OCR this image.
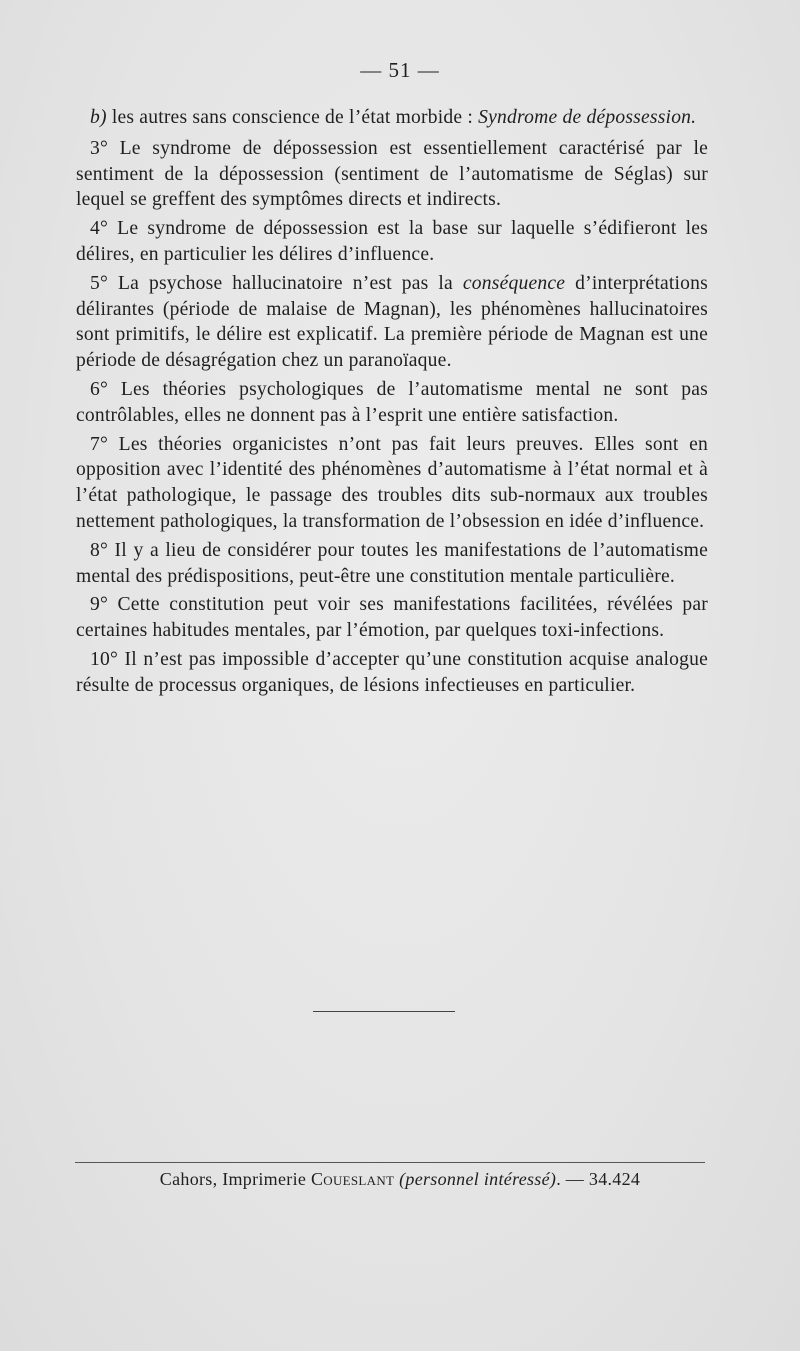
— 51 —

b) les autres sans conscience de l’état morbide : Syndrome de dépossession.

3° Le syndrome de dépossession est essentiellement caractérisé par le sentiment de la dépossession (sentiment de l’automatisme de Séglas) sur lequel se greffent des symptômes directs et indirects.

4° Le syndrome de dépossession est la base sur laquelle s’édifieront les délires, en particulier les délires d’influence.

5° La psychose hallucinatoire n’est pas la conséquence d’interprétations délirantes (période de malaise de Magnan), les phénomènes hallucinatoires sont primitifs, le délire est explicatif. La première période de Magnan est une période de désagrégation chez un paranoïaque.

6° Les théories psychologiques de l’automatisme mental ne sont pas contrôlables, elles ne donnent pas à l’esprit une entière satisfaction.

7° Les théories organicistes n’ont pas fait leurs preuves. Elles sont en opposition avec l’identité des phénomènes d’automatisme à l’état normal et à l’état pathologique, le passage des troubles dits sub-normaux aux troubles nettement pathologiques, la transformation de l’obsession en idée d’influence.

8° Il y a lieu de considérer pour toutes les manifestations de l’automatisme mental des prédispositions, peut-être une constitution mentale particulière.

9° Cette constitution peut voir ses manifestations facilitées, révélées par certaines habitudes mentales, par l’émotion, par quelques toxi-infections.

10° Il n’est pas impossible d’accepter qu’une constitution acquise analogue résulte de processus organiques, de lésions infectieuses en particulier.

Cahors, Imprimerie Coueslant (personnel intéressé). — 34.424
